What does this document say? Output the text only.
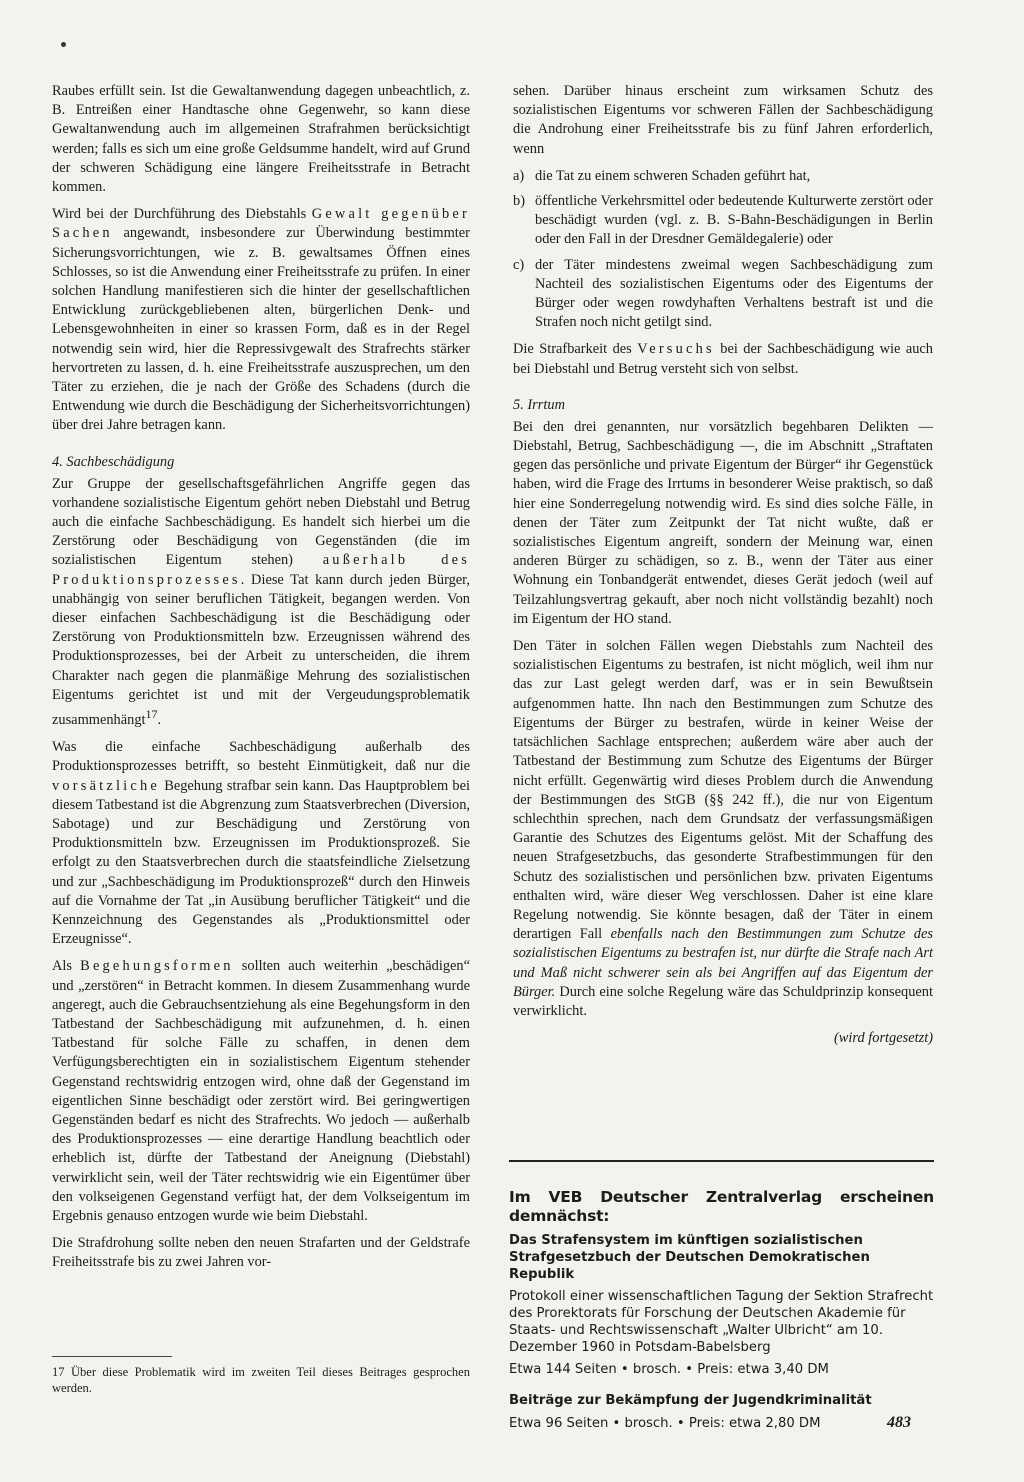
Raubes erfüllt sein. Ist die Gewaltanwendung dagegen unbeachtlich, z. B. Entreißen einer Handtasche ohne Gegenwehr, so kann diese Gewaltanwendung auch im allgemeinen Strafrahmen berücksichtigt werden; falls es sich um eine große Geldsumme handelt, wird auf Grund der schweren Schädigung eine längere Freiheitsstrafe in Betracht kommen.

Wird bei der Durchführung des Diebstahls Gewalt gegenüber Sachen angewandt, insbesondere zur Überwindung bestimmter Sicherungsvorrichtungen, wie z. B. gewaltsames Öffnen eines Schlosses, so ist die Anwendung einer Freiheitsstrafe zu prüfen. In einer solchen Handlung manifestieren sich die hinter der gesellschaftlichen Entwicklung zurückgebliebenen alten, bürgerlichen Denk- und Lebensgewohnheiten in einer so krassen Form, daß es in der Regel notwendig sein wird, hier die Repressivgewalt des Strafrechts stärker hervortreten zu lassen, d. h. eine Freiheitsstrafe auszusprechen, um den Täter zu erziehen, die je nach der Größe des Schadens (durch die Entwendung wie durch die Beschädigung der Sicherheitsvorrichtungen) über drei Jahre betragen kann.

4. Sachbeschädigung

Zur Gruppe der gesellschaftsgefährlichen Angriffe gegen das vorhandene sozialistische Eigentum gehört neben Diebstahl und Betrug auch die einfache Sachbeschädigung. Es handelt sich hierbei um die Zerstörung oder Beschädigung von Gegenständen (die im sozialistischen Eigentum stehen) außerhalb des Produktionsprozesses. Diese Tat kann durch jeden Bürger, unabhängig von seiner beruflichen Tätigkeit, begangen werden. Von dieser einfachen Sachbeschädigung ist die Beschädigung oder Zerstörung von Produktionsmitteln bzw. Erzeugnissen während des Produktionsprozesses, bei der Arbeit zu unterscheiden, die ihrem Charakter nach gegen die planmäßige Mehrung des sozialistischen Eigentums gerichtet ist und mit der Vergeudungsproblematik zusammenhängt$^{17}$.

Was die einfache Sachbeschädigung außerhalb des Produktionsprozesses betrifft, so besteht Einmütigkeit, daß nur die vorsätzliche Begehung strafbar sein kann. Das Hauptproblem bei diesem Tatbestand ist die Abgrenzung zum Staatsverbrechen (Diversion, Sabotage) und zur Beschädigung und Zerstörung von Produktionsmitteln bzw. Erzeugnissen im Produktionsprozeß. Sie erfolgt zu den Staatsverbrechen durch die staatsfeindliche Zielsetzung und zur „Sachbeschädigung im Produktionsprozeß“ durch den Hinweis auf die Vornahme der Tat „in Ausübung beruflicher Tätigkeit“ und die Kennzeichnung des Gegenstandes als „Produktionsmittel oder Erzeugnisse“.

Als Begehungsformen sollten auch weiterhin „beschädigen“ und „zerstören“ in Betracht kommen. In diesem Zusammenhang wurde angeregt, auch die Gebrauchsentziehung als eine Begehungsform in den Tatbestand der Sachbeschädigung mit aufzunehmen, d. h. einen Tatbestand für solche Fälle zu schaffen, in denen dem Verfügungsberechtigten ein in sozialistischem Eigentum stehender Gegenstand rechtswidrig entzogen wird, ohne daß der Gegenstand im eigentlichen Sinne beschädigt oder zerstört wird. Bei geringwertigen Gegenständen bedarf es nicht des Strafrechts. Wo jedoch — außerhalb des Produktionsprozesses — eine derartige Handlung beachtlich oder erheblich ist, dürfte der Tatbestand der Aneignung (Diebstahl) verwirklicht sein, weil der Täter rechtswidrig wie ein Eigentümer über den volkseigenen Gegenstand verfügt hat, der dem Volkseigentum im Ergebnis genauso entzogen wurde wie beim Diebstahl.

Die Strafdrohung sollte neben den neuen Strafarten und der Geldstrafe Freiheitsstrafe bis zu zwei Jahren vor-

17 Über diese Problematik wird im zweiten Teil dieses Beitrages gesprochen werden.

sehen. Darüber hinaus erscheint zum wirksamen Schutz des sozialistischen Eigentums vor schweren Fällen der Sachbeschädigung die Androhung einer Freiheitsstrafe bis zu fünf Jahren erforderlich, wenn

a) die Tat zu einem schweren Schaden geführt hat,
b) öffentliche Verkehrsmittel oder bedeutende Kulturwerte zerstört oder beschädigt wurden (vgl. z. B. S-Bahn-Beschädigungen in Berlin oder den Fall in der Dresdner Gemäldegalerie) oder
c) der Täter mindestens zweimal wegen Sachbeschädigung zum Nachteil des sozialistischen Eigentums oder des Eigentums der Bürger oder wegen rowdyhaften Verhaltens bestraft ist und die Strafen noch nicht getilgt sind.

Die Strafbarkeit des Versuchs bei der Sachbeschädigung wie auch bei Diebstahl und Betrug versteht sich von selbst.

5. Irrtum

Bei den drei genannten, nur vorsätzlich begehbaren Delikten — Diebstahl, Betrug, Sachbeschädigung —, die im Abschnitt „Straftaten gegen das persönliche und private Eigentum der Bürger“ ihr Gegenstück haben, wird die Frage des Irrtums in besonderer Weise praktisch, so daß hier eine Sonderregelung notwendig wird. Es sind dies solche Fälle, in denen der Täter zum Zeitpunkt der Tat nicht wußte, daß er sozialistisches Eigentum angreift, sondern der Meinung war, einen anderen Bürger zu schädigen, so z. B., wenn der Täter aus einer Wohnung ein Tonbandgerät entwendet, dieses Gerät jedoch (weil auf Teilzahlungsvertrag gekauft, aber noch nicht vollständig bezahlt) noch im Eigentum der HO stand.

Den Täter in solchen Fällen wegen Diebstahls zum Nachteil des sozialistischen Eigentums zu bestrafen, ist nicht möglich, weil ihm nur das zur Last gelegt werden darf, was er in sein Bewußtsein aufgenommen hatte. Ihn nach den Bestimmungen zum Schutze des Eigentums der Bürger zu bestrafen, würde in keiner Weise der tatsächlichen Sachlage entsprechen; außerdem wäre aber auch der Tatbestand der Bestimmung zum Schutze des Eigentums der Bürger nicht erfüllt. Gegenwärtig wird dieses Problem durch die Anwendung der Bestimmungen des StGB (§§ 242 ff.), die nur von Eigentum schlechthin sprechen, nach dem Grundsatz der verfassungsmäßigen Garantie des Schutzes des Eigentums gelöst. Mit der Schaffung des neuen Strafgesetzbuchs, das gesonderte Strafbestimmungen für den Schutz des sozialistischen und persönlichen bzw. privaten Eigentums enthalten wird, wäre dieser Weg verschlossen. Daher ist eine klare Regelung notwendig. Sie könnte besagen, daß der Täter in einem derartigen Fall ebenfalls nach den Bestimmungen zum Schutze des sozialistischen Eigentums zu bestrafen ist, nur dürfte die Strafe nach Art und Maß nicht schwerer sein als bei Angriffen auf das Eigentum der Bürger. Durch eine solche Regelung wäre das Schuldprinzip konsequent verwirklicht.

(wird fortgesetzt)

Im VEB Deutscher Zentralverlag erscheinen demnächst:

Das Strafensystem im künftigen sozialistischen Strafgesetzbuch der Deutschen Demokratischen Republik

Protokoll einer wissenschaftlichen Tagung der Sektion Strafrecht des Prorektorats für Forschung der Deutschen Akademie für Staats- und Rechtswissenschaft „Walter Ulbricht“ am 10. Dezember 1960 in Potsdam-Babelsberg

Etwa 144 Seiten • brosch. • Preis: etwa 3,40 DM

Beiträge zur Bekämpfung der Jugendkriminalität

Etwa 96 Seiten • brosch. • Preis: etwa 2,80 DM	483
